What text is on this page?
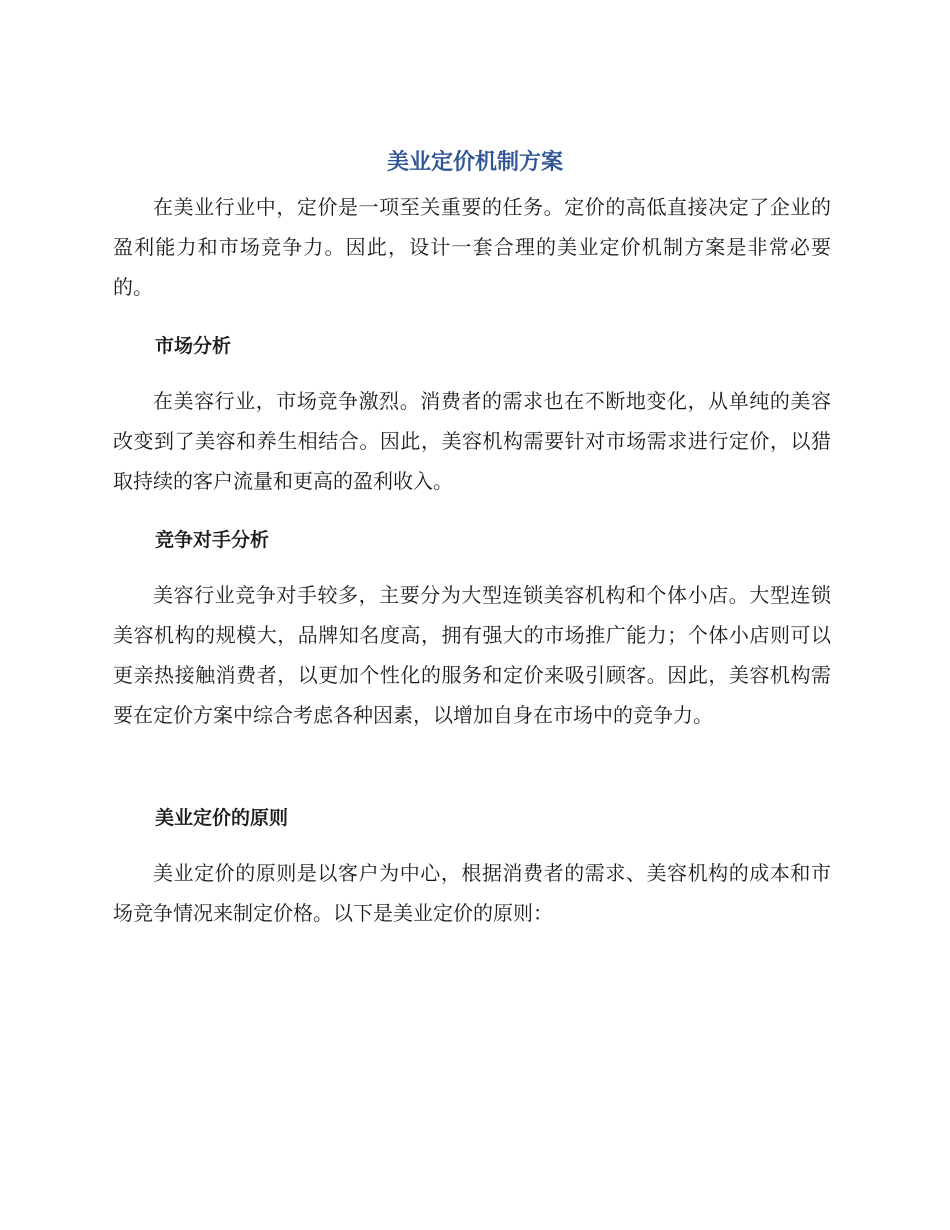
美业定价机制方案

在美业行业中，定价是一项至关重要的任务。定价的高低直接决定了企业的盈利能力和市场竞争力。因此，设计一套合理的美业定价机制方案是非常必要的。

市场分析

在美容行业，市场竞争激烈。消费者的需求也在不断地变化，从单纯的美容改变到了美容和养生相结合。因此，美容机构需要针对市场需求进行定价，以猎取持续的客户流量和更高的盈利收入。

竞争对手分析

美容行业竞争对手较多，主要分为大型连锁美容机构和个体小店。大型连锁美容机构的规模大，品牌知名度高，拥有强大的市场推广能力；个体小店则可以更亲热接触消费者，以更加个性化的服务和定价来吸引顾客。因此，美容机构需要在定价方案中综合考虑各种因素，以增加自身在市场中的竞争力。

美业定价的原则

美业定价的原则是以客户为中心，根据消费者的需求、美容机构的成本和市场竞争情况来制定价格。以下是美业定价的原则：
